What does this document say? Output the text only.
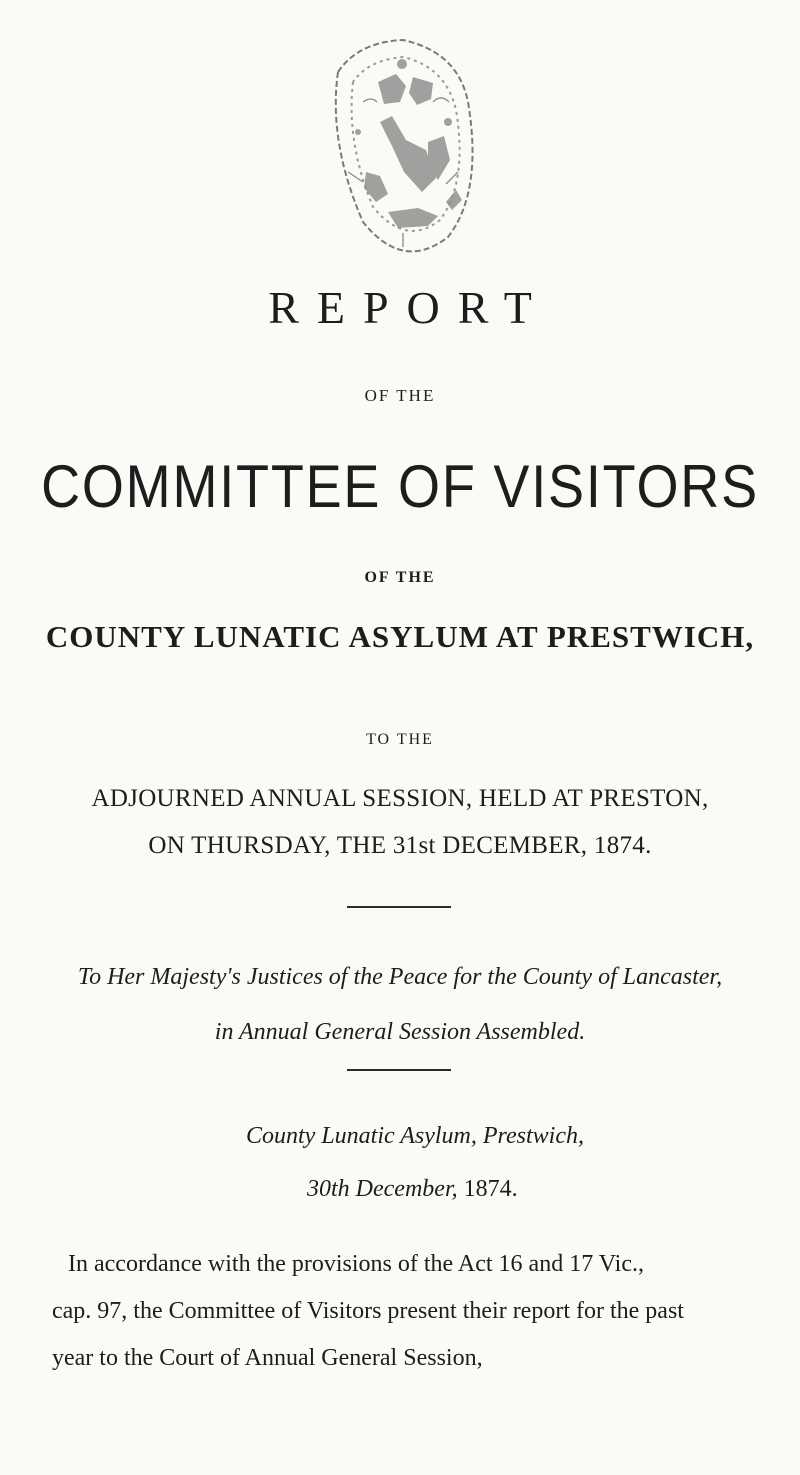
REPORT
OF THE
COMMITTEE OF VISITORS
OF THE
COUNTY LUNATIC ASYLUM AT PRESTWICH,
TO THE
ADJOURNED ANNUAL SESSION, HELD AT PRESTON,
ON THURSDAY, THE 31st DECEMBER, 1874.
To Her Majesty's Justices of the Peace for the County of Lancaster,
in Annual General Session Assembled.
County Lunatic Asylum, Prestwich,
30th December, 1874.
In accordance with the provisions of the Act 16 and 17 Vic.,
cap. 97, the Committee of Visitors present their report for the past
year to the Court of Annual General Session,
